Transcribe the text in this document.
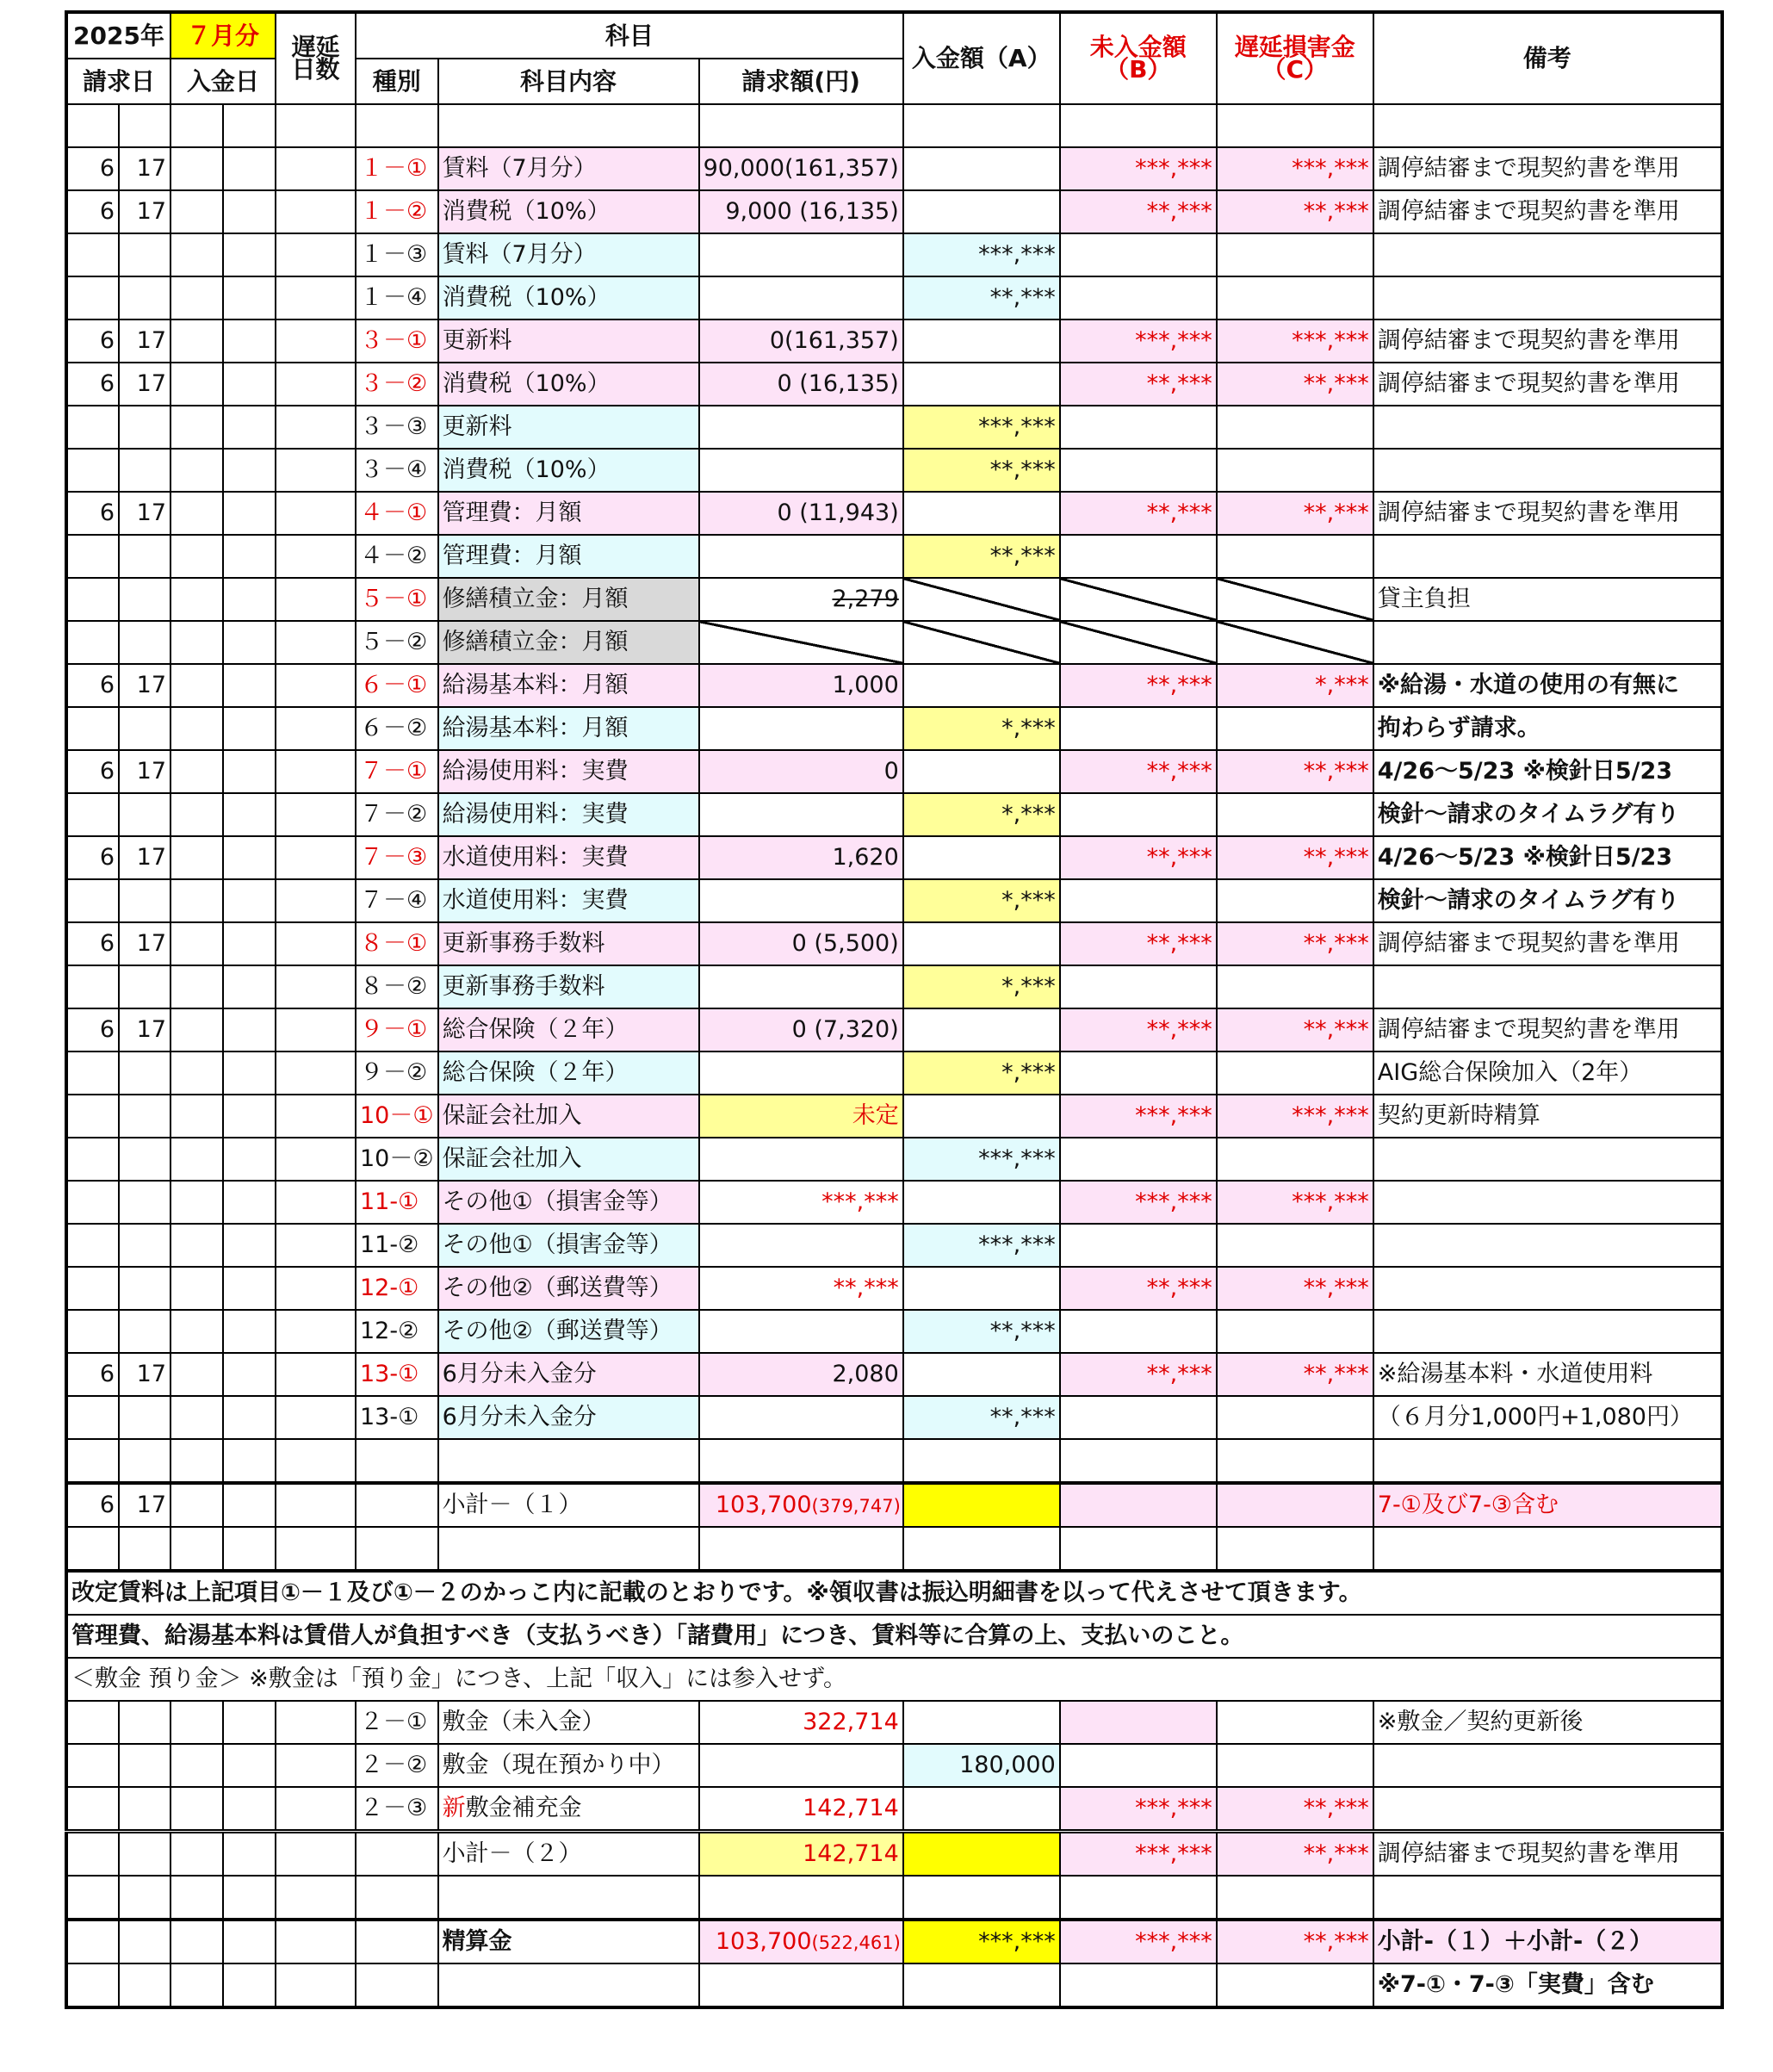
2025年		７月分		遅延日数	科目			入金額（A）	未入金額（B）	遅延損害金（C）	備考
請求日		入金日			種別	科目内容	請求額(円)				

6	17				１－①	賃料（7月分）	90,000(161,357)		***,***	***,***	調停結審まで現契約書を準用
6	17				１－②	消費税（10%）	9,000 (16,135)		**,***	**,***	調停結審まで現契約書を準用
					１－③	賃料（7月分）		***,***			
					１－④	消費税（10%）		**,***			
6	17				３－①	更新料	0(161,357)		***,***	***,***	調停結審まで現契約書を準用
6	17				３－②	消費税（10%）	0 (16,135)		**,***	**,***	調停結審まで現契約書を準用
					３－③	更新料		***,***			
					３－④	消費税（10%）		**,***			
6	17				４－①	管理費：月額	0 (11,943)		**,***	**,***	調停結審まで現契約書を準用
					４－②	管理費：月額		**,***			
					５－①	修繕積立金：月額	2,279				貸主負担
					５－②	修繕積立金：月額					
6	17				６－①	給湯基本料：月額	1,000		**,***	*,***	※給湯・水道の使用の有無に
					６－②	給湯基本料：月額		*,***			拘わらず請求。
6	17				７－①	給湯使用料：実費	0		**,***	**,***	4/26～5/23 ※検針日5/23
					７－②	給湯使用料：実費		*,***			検針～請求のタイムラグ有り
6	17				７－③	水道使用料：実費	1,620		**,***	**,***	4/26～5/23 ※検針日5/23
					７－④	水道使用料：実費		*,***			検針～請求のタイムラグ有り
6	17				８－①	更新事務手数料	0 (5,500)		**,***	**,***	調停結審まで現契約書を準用
					８－②	更新事務手数料		*,***			
6	17				９－①	総合保険（２年）	0 (7,320)		**,***	**,***	調停結審まで現契約書を準用
					９－②	総合保険（２年）		*,***			AIG総合保険加入（2年）
					10－①	保証会社加入	未定		***,***	***,***	契約更新時精算
					10－②	保証会社加入		***,***			
					11-①	その他①（損害金等）	***,***		***,***	***,***	
					11-②	その他①（損害金等）		***,***			
					12-①	その他②（郵送費等）	**,***		**,***	**,***	
					12-②	その他②（郵送費等）		**,***			
6	17				13-①	6月分未入金分	2,080		**,***	**,***	※給湯基本料・水道使用料
					13-①	6月分未入金分		**,***			（６月分1,000円+1,080円）

6	17					小計－（１）	103,700(379,747)				7-①及び7-③含む

改定賃料は上記項目①－１及び①－２のかっこ内に記載のとおりです。※領収書は振込明細書を以って代えさせて頂きます。											
管理費、給湯基本料は賃借人が負担すべき（支払うべき）「諸費用」につき、賃料等に合算の上、支払いのこと。											
＜敷金 預り金＞ ※敷金は「預り金」につき、上記「収入」には参入せず。											
					２－①	敷金（未入金）	322,714				※敷金／契約更新後
					２－②	敷金（現在預かり中）		180,000			
					２－③	新敷金補充金	142,714		***,***	**,***	
						小計－（２）	142,714		***,***	**,***	調停結審まで現契約書を準用

						精算金	103,700(522,461)	***,***	***,***	**,***	小計-（１）＋小計-（２）
											※7-①・7-③「実費」含む
